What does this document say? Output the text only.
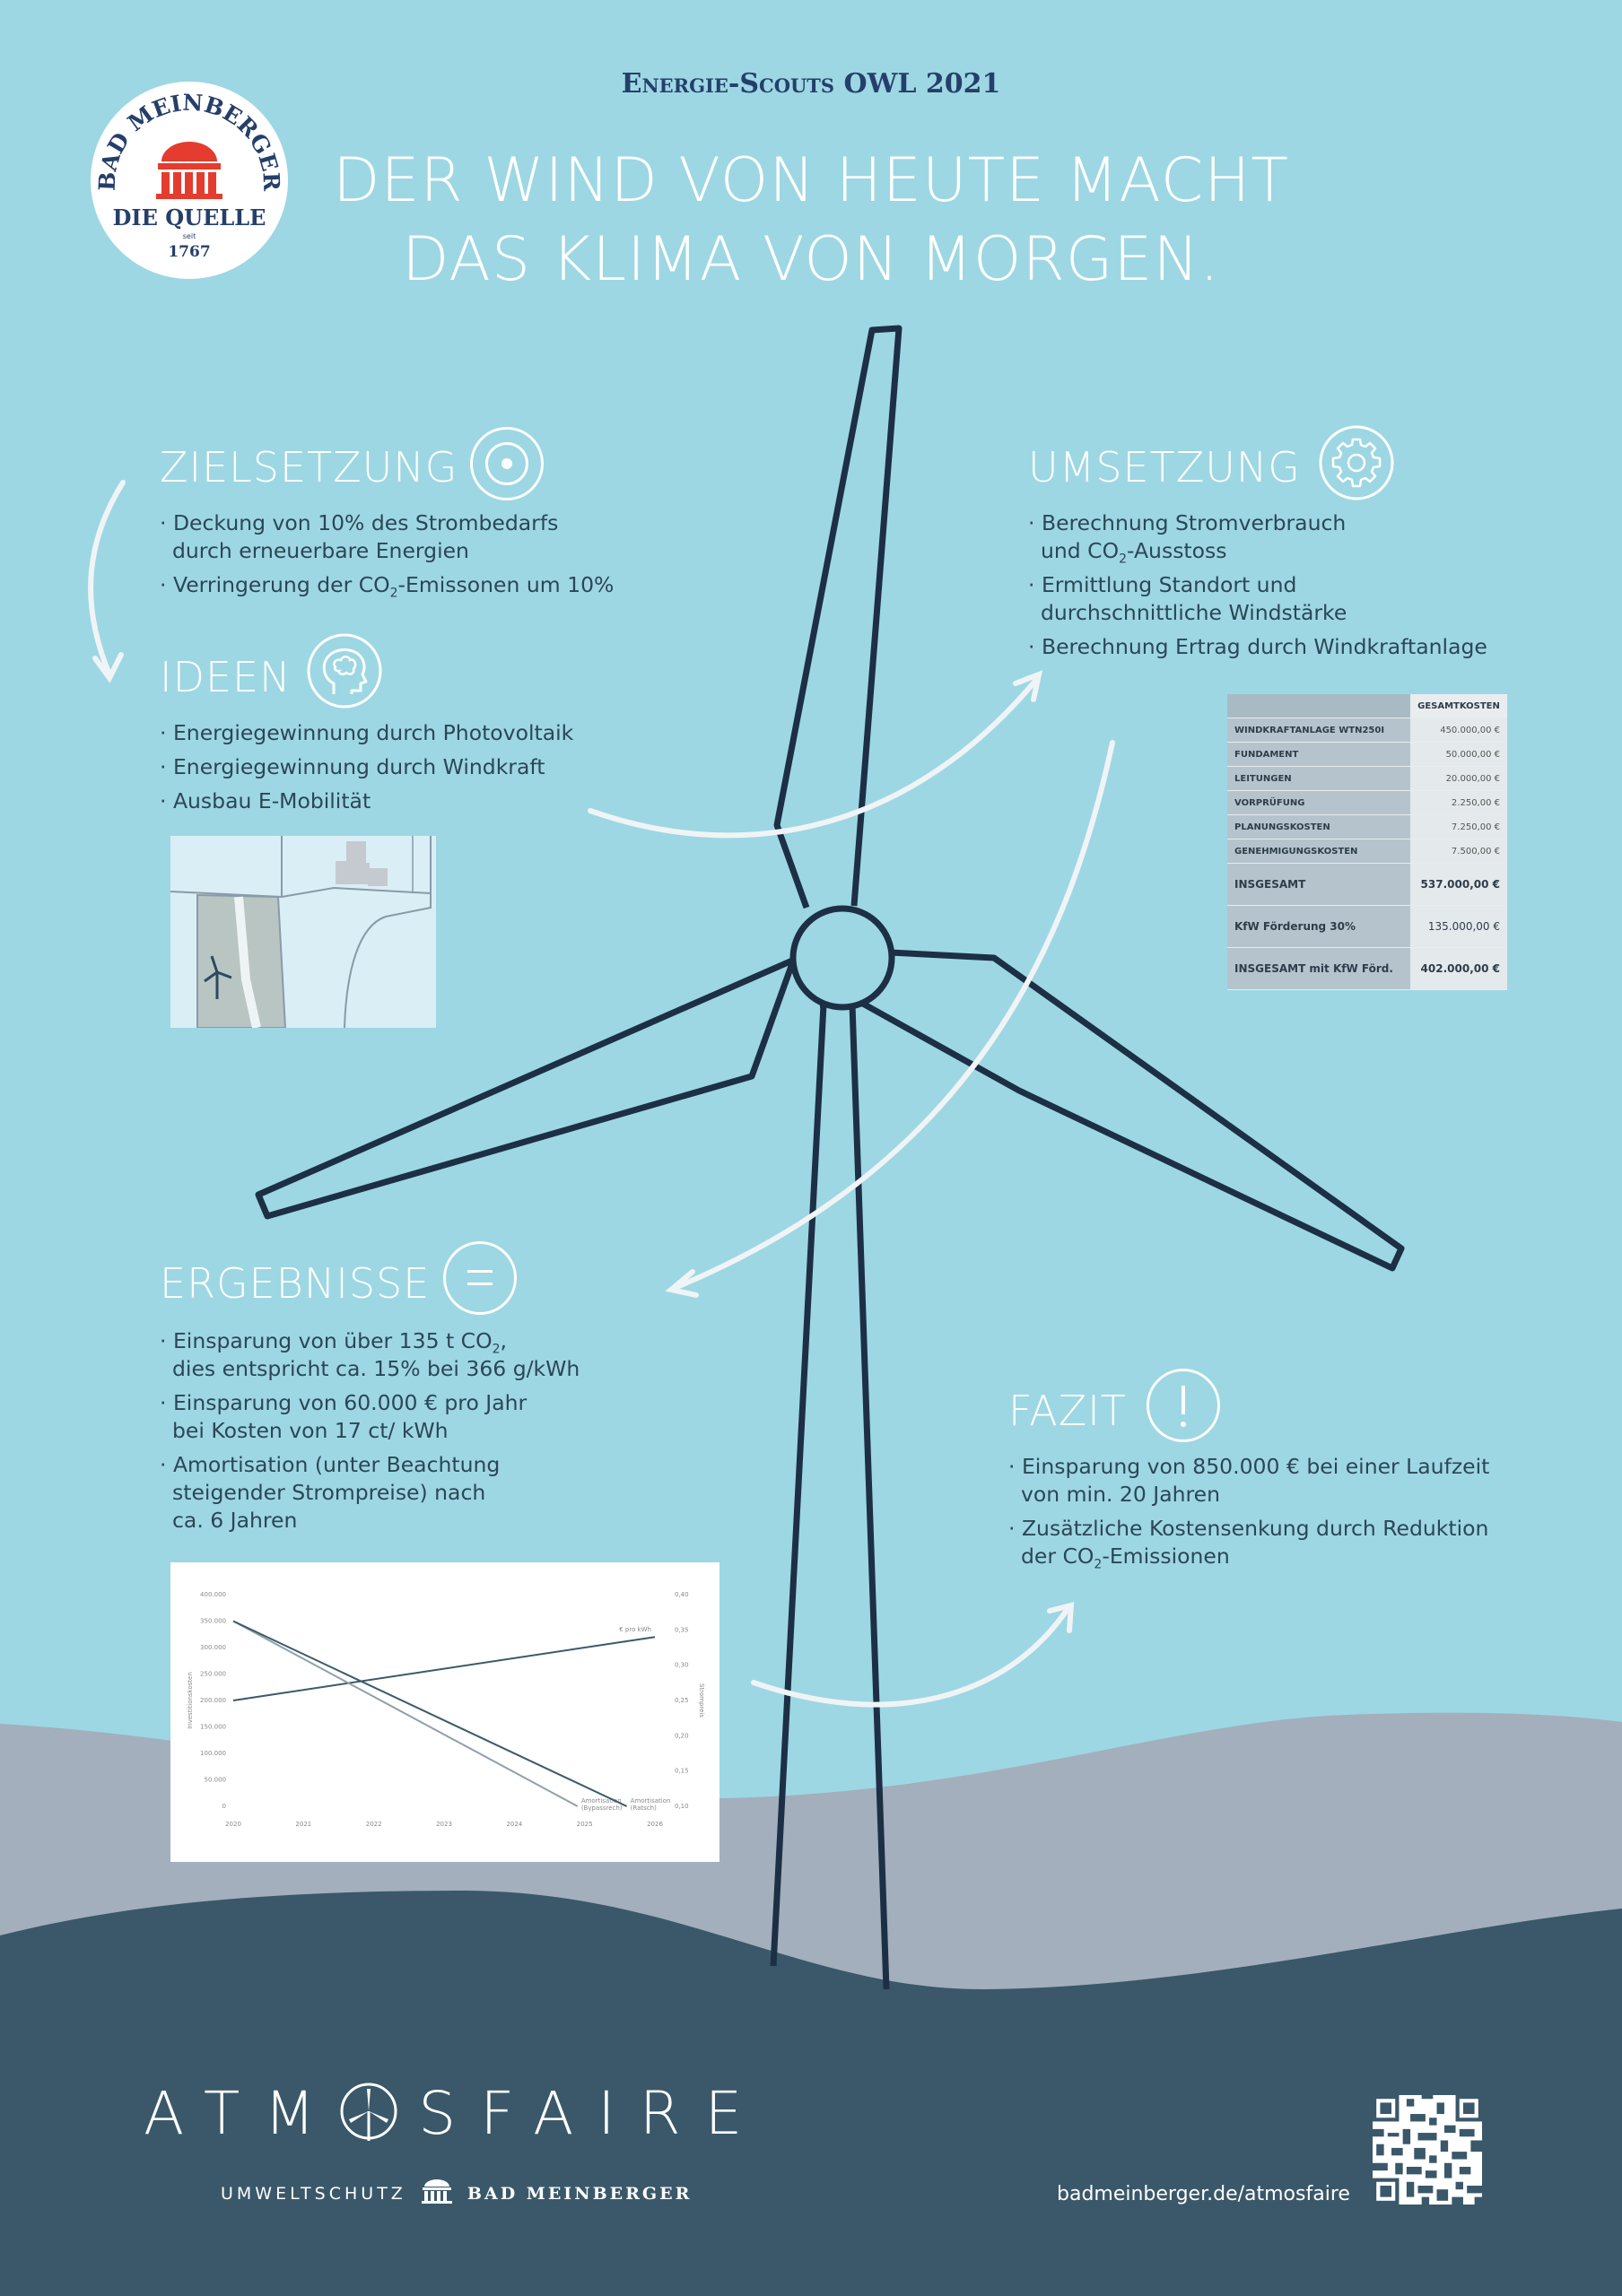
BAD MEINBERGER
DIE QUELLE
seit
1767
Energie-Scouts OWL 2021
DER WIND VON HEUTE MACHT
DAS KLIMA VON MORGEN.
ZIELSETZUNG
· Deckung von 10% des Strombedarfs
durch erneuerbare Energien
· Verringerung der $CO_2$-Emissonen um 10%
IDEEN
· Energiegewinnung durch Photovoltaik
· Energiegewinnung durch Windkraft
· Ausbau E-Mobilität
UMSETZUNG
· Berechnung Stromverbrauch
und $CO_2$-Ausstoss
· Ermittlung Standort und
durchschnittliche Windstärke
· Berechnung Ertrag durch Windkraftanlage
	GESAMTKOSTEN
WINDKRAFTANLAGE WTN250I	450.000,00 €
FUNDAMENT	50.000,00 €
LEITUNGEN	20.000,00 €
VORPRÜFUNG	2.250,00 €
PLANUNGSKOSTEN	7.250,00 €
GENEHMIGUNGSKOSTEN	7.500,00 €
INSGESAMT	537.000,00 €
KfW Förderung 30%	135.000,00 €
INSGESAMT mit KfW Förd.	402.000,00 €
ERGEBNISSE
· Einsparung von über 135 t $CO_2$,
dies entspricht ca. 15% bei 366 g/kWh
· Einsparung von 60.000 € pro Jahr
bei Kosten von 17 ct/ kWh
· Amortisation (unter Beachtung
steigender Strompreise) nach
ca. 6 Jahren
400.000
350.000
300.000
250.000
200.000
150.000
100.000
50.000
0
0,40
0,35
0,30
0,25
0,20
0,15
0,10
2020	2021	2022	2023	2024	2025	2026
Investitionskosten	Strompreis
€ pro kWh
Amortisation (Bypassrech)
Amortisation (Ratsch)
FAZIT
· Einsparung von 850.000 € bei einer Laufzeit
von min. 20 Jahren
· Zusätzliche Kostensenkung durch Reduktion
der $CO_2$-Emissionen
ATM SFAIRE
UMWELTSCHUTZ	BAD MEINBERGER	badmeinberger.de/atmosfaire
